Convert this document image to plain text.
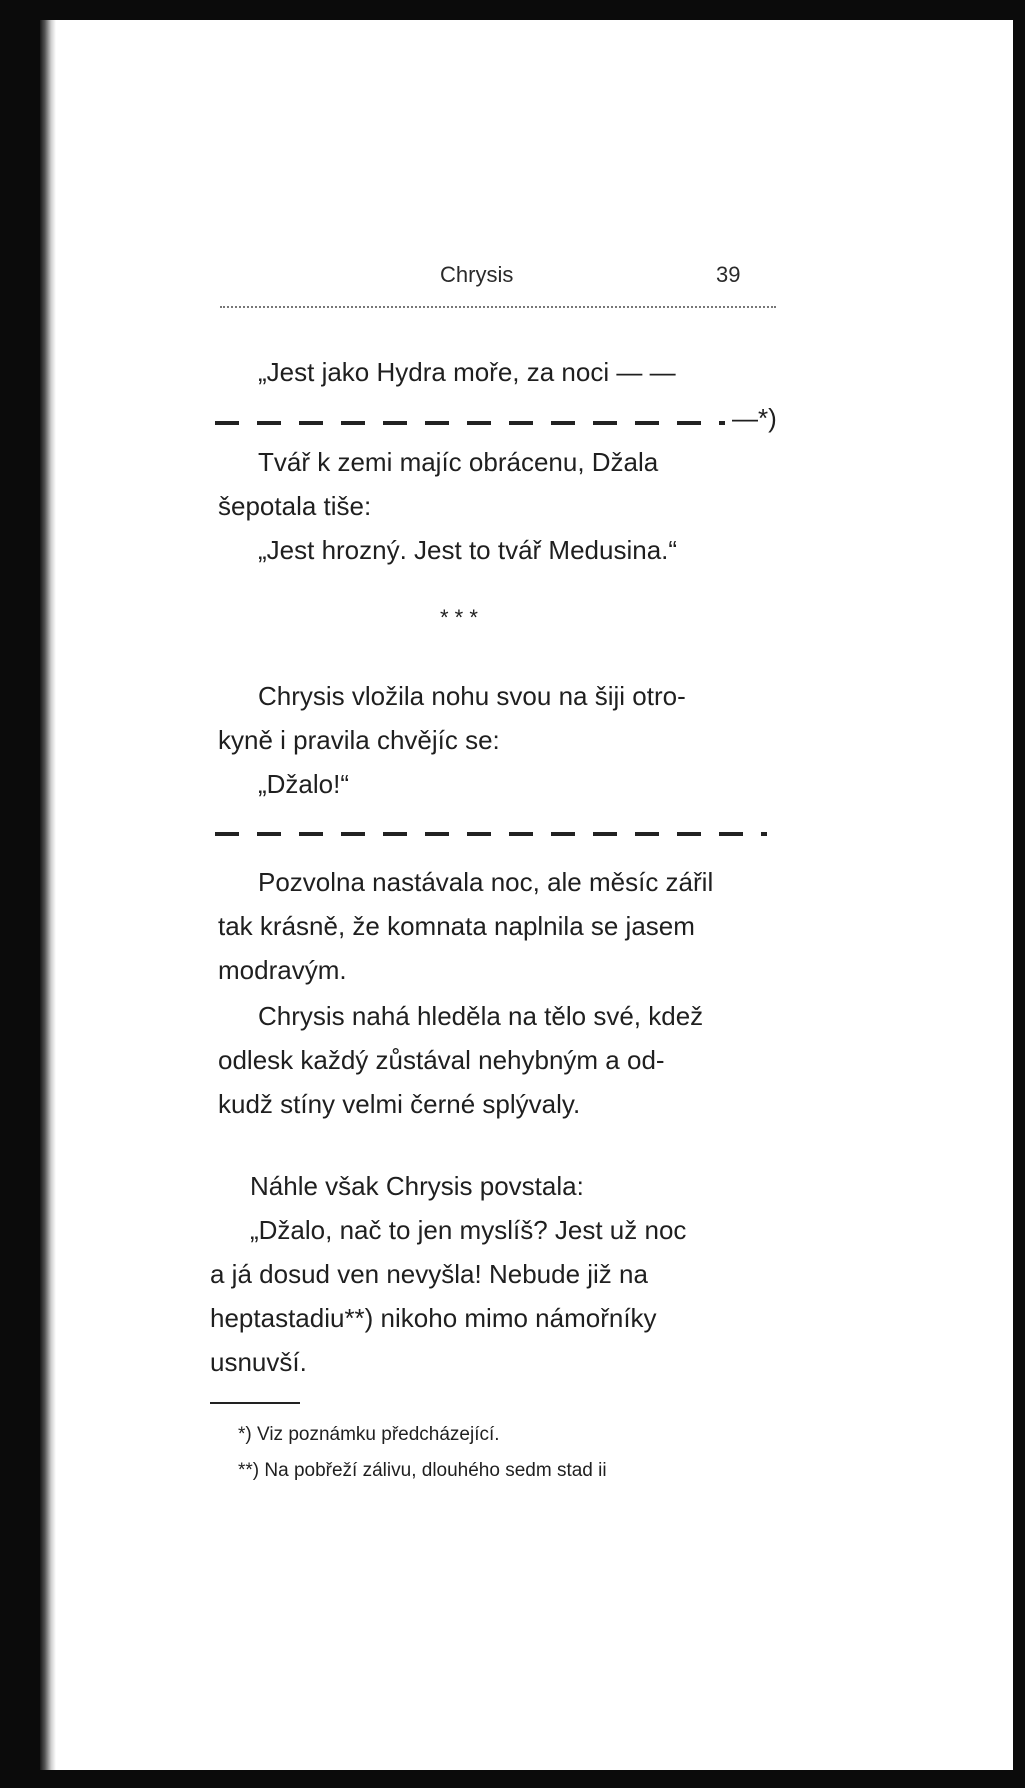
Chrysis	39
„Jest jako Hydra moře, za noci — —
—*)
Tvář k zemi majíc obrácenu, Džala
šepotala tiše:
„Jest hrozný. Jest to tvář Medusina.“
* * *
Chrysis vložila nohu svou na šiji otro-
kyně i pravila chvějíc se:
„Džalo!“
Pozvolna nastávala noc, ale měsíc zářil
tak krásně, že komnata naplnila se jasem
modravým.
Chrysis nahá hleděla na tělo své, kdež
odlesk každý zůstával nehybným a od-
kudž stíny velmi černé splývaly.
Náhle však Chrysis povstala:
„Džalo, nač to jen myslíš? Jest už noc
a já dosud ven nevyšla! Nebude již na
heptastadiu**) nikoho mimo námořníky
usnuvší.
*) Viz poznámku předcházející.
**) Na pobřeží zálivu, dlouhého sedm stad ii
